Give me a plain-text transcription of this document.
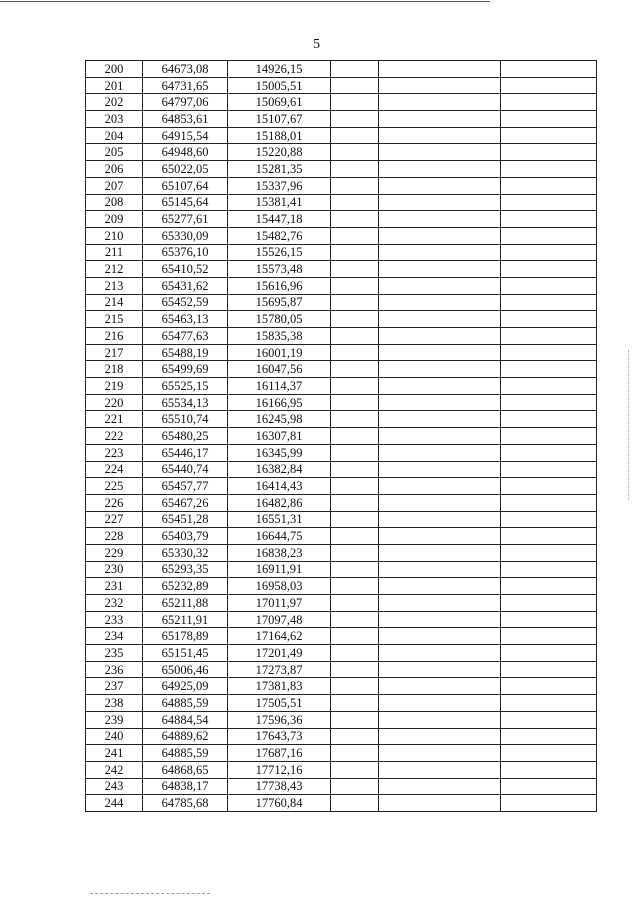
5
200	64673,08	14926,15			
201	64731,65	15005,51			
202	64797,06	15069,61			
203	64853,61	15107,67			
204	64915,54	15188,01			
205	64948,60	15220,88			
206	65022,05	15281,35			
207	65107,64	15337,96			
208	65145,64	15381,41			
209	65277,61	15447,18			
210	65330,09	15482,76			
211	65376,10	15526,15			
212	65410,52	15573,48			
213	65431,62	15616,96			
214	65452,59	15695,87			
215	65463,13	15780,05			
216	65477,63	15835,38			
217	65488,19	16001,19			
218	65499,69	16047,56			
219	65525,15	16114,37			
220	65534,13	16166,95			
221	65510,74	16245,98			
222	65480,25	16307,81			
223	65446,17	16345,99			
224	65440,74	16382,84			
225	65457,77	16414,43			
226	65467,26	16482,86			
227	65451,28	16551,31			
228	65403,79	16644,75			
229	65330,32	16838,23			
230	65293,35	16911,91			
231	65232,89	16958,03			
232	65211,88	17011,97			
233	65211,91	17097,48			
234	65178,89	17164,62			
235	65151,45	17201,49			
236	65006,46	17273,87			
237	64925,09	17381,83			
238	64885,59	17505,51			
239	64884,54	17596,36			
240	64889,62	17643,73			
241	64885,59	17687,16			
242	64868,65	17712,16			
243	64838,17	17738,43			
244	64785,68	17760,84			
